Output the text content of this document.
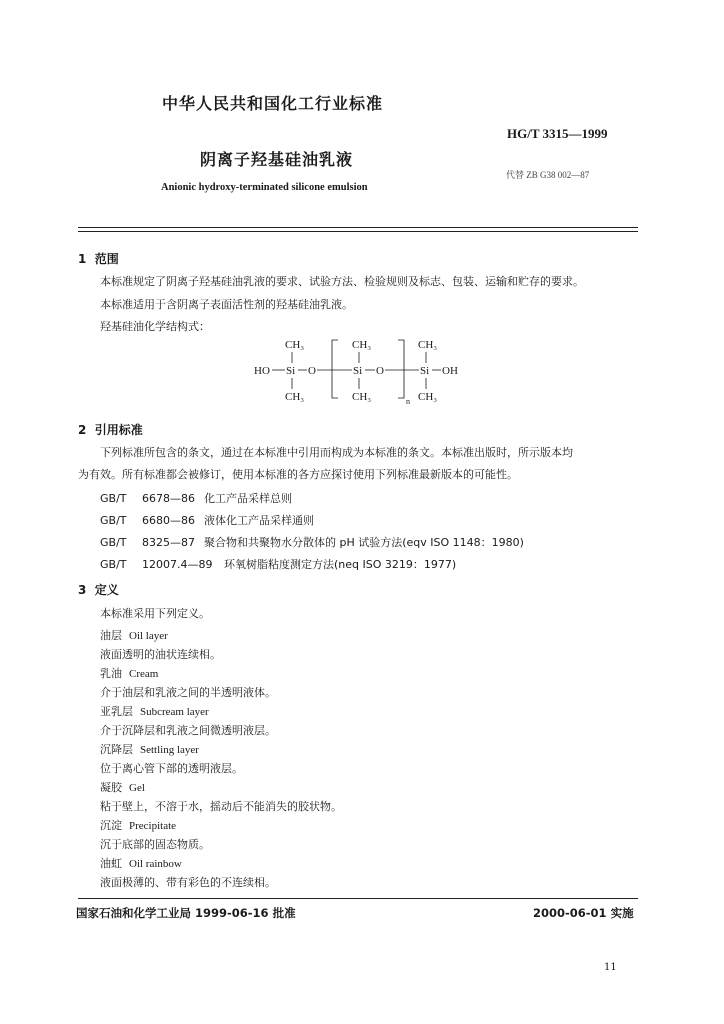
中华人民共和国化工行业标准
HG/T 3315—1999
阴离子羟基硅油乳液
代替 ZB G38 002—87
Anionic hydroxy-terminated silicone emulsion
1 范围
本标准规定了阴离子羟基硅油乳液的要求、试验方法、检验规则及标志、包装、运输和贮存的要求。
本标准适用于含阴离子表面活性剂的羟基硅油乳液。
羟基硅油化学结构式：
CH₃
HO Si O
CH₃
CH₃
Si O
CH₃	n
CH₃
Si OH
CH₃
2 引用标准
下列标准所包含的条文，通过在本标准中引用而构成为本标准的条文。本标准出版时，所示版本均
为有效。所有标准都会被修订，使用本标准的各方应探讨使用下列标准最新版本的可能性。
GB/T 6678—86 化工产品采样总则
GB/T 6680—86 液体化工产品采样通则
GB/T 8325—87 聚合物和共聚物水分散体的 pH 试验方法(eqv ISO 1148：1980)
GB/T 12007.4—89 环氧树脂粘度测定方法(neq ISO 3219：1977)
3 定义
本标准采用下列定义。
油层 Oil layer
液面透明的油状连续相。
乳油 Cream
介于油层和乳液之间的半透明液体。
亚乳层 Subcream layer
介于沉降层和乳液之间微透明液层。
沉降层 Settling layer
位于离心管下部的透明液层。
凝胶 Gel
粘于壁上，不溶于水，摇动后不能消失的胶状物。
沉淀 Precipitate
沉于底部的固态物质。
油虹 Oil rainbow
液面极薄的、带有彩色的不连续相。
国家石油和化学工业局 1999-06-16 批准	2000-06-01 实施
11
